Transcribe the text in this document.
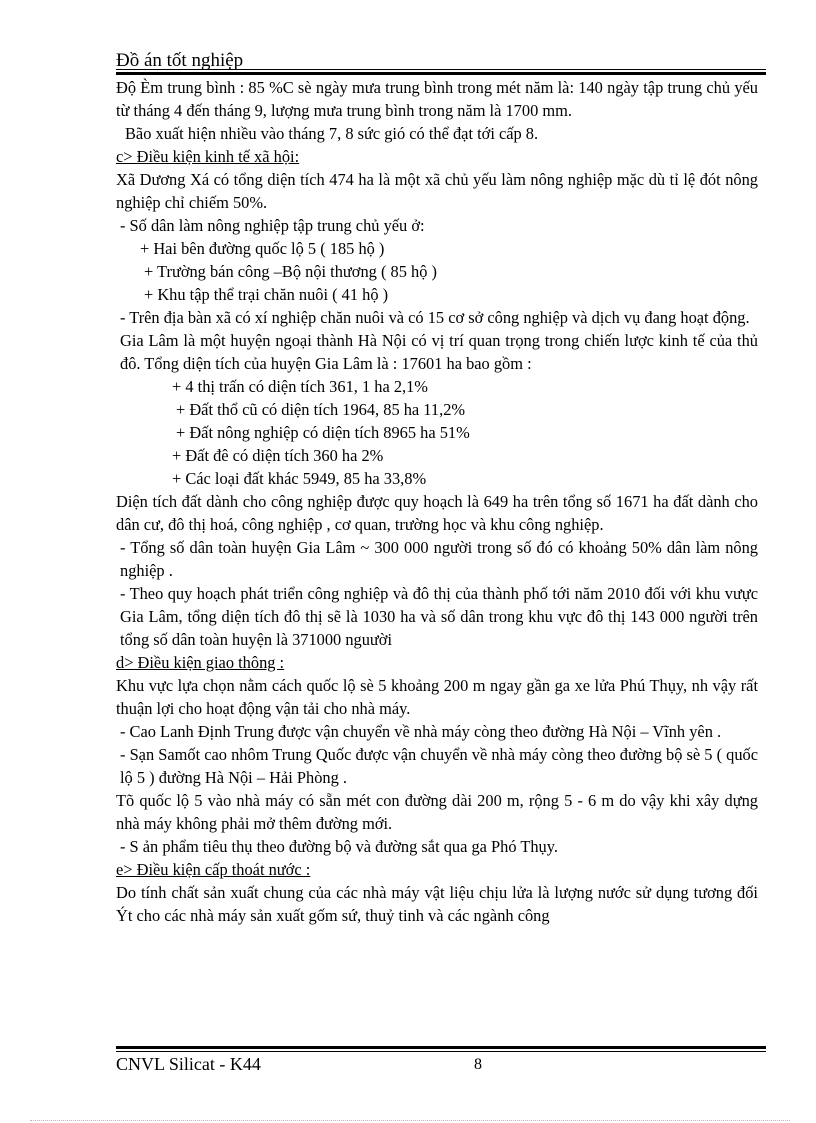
Đồ án tốt nghiệp

Độ Èm trung bình : 85 %C sè ngày mưa trung bình trong mét năm là: 140 ngày tập trung chủ yếu từ tháng 4 đến tháng 9, lượng mưa trung bình trong năm là 1700 mm.

Bão xuất hiện nhiều vào tháng 7, 8 sức gió có thể đạt tới cấp 8.

c> Điều kiện kinh tế xã hội:

Xã Dương Xá có tổng diện tích 474 ha là một xã chủ yếu làm nông nghiệp mặc dù tỉ lệ đót nông nghiệp chỉ chiếm 50%.

- Số dân làm nông nghiệp tập trung chủ yếu ở:

+ Hai bên đường quốc lộ 5 ( 185 hộ )

+ Trường bán công –Bộ nội thương ( 85 hộ )

+ Khu tập thể trại chăn nuôi ( 41 hộ )

- Trên địa bàn xã có xí nghiệp chăn nuôi và có 15 cơ sở công nghiệp và dịch vụ đang hoạt động.

Gia Lâm là một huyện ngoại thành Hà Nội có vị trí quan trọng trong chiến lược kinh tế của thủ đô. Tổng diện tích của huyện Gia Lâm là : 17601 ha bao gồm :

+ 4 thị trấn có diện tích 361, 1 ha 2,1%

+ Đất thổ cũ có diện tích 1964, 85 ha 11,2%

+ Đất nông nghiệp có diện tích 8965 ha 51%

+ Đất đê có diện tích 360 ha 2%

+ Các loại đất khác 5949, 85 ha 33,8%

Diện tích đất dành cho công nghiệp được quy hoạch là 649 ha trên tổng số 1671 ha đất dành cho dân cư, đô thị hoá, công nghiệp , cơ quan, trường học và khu công nghiệp.

- Tổng số dân toàn huyện Gia Lâm ~ 300 000 người trong số đó có khoảng 50% dân làm nông nghiệp .

- Theo quy hoạch phát triển công nghiệp và đô thị của thành phố tới năm 2010 đối với khu vưực Gia Lâm, tổng diện tích đô thị sẽ là 1030 ha và số dân trong khu vực đô thị 143 000 người trên tổng số dân toàn huyện là 371000 nguười

d> Điều kiện giao thông :

Khu vực lựa chọn nằm cách quốc lộ sè 5 khoảng 200 m ngay gần ga xe lửa Phú Thụy, nh vậy rất thuận lợi cho hoạt động vận tải cho nhà máy.

- Cao Lanh Định Trung được vận chuyển về nhà máy còng theo đường Hà Nội – Vĩnh yên .

- Sạn Samốt cao nhôm Trung Quốc được vận chuyển về nhà máy còng theo đường bộ sè 5 ( quốc lộ 5 ) đường Hà Nội – Hải Phòng .

Tõ quốc lộ 5 vào nhà máy có sẵn mét con đường dài 200 m, rộng 5 - 6 m do vậy khi xây dựng nhà máy không phải mở thêm đường mới.

- S ản phẩm tiêu thụ theo đường bộ và đường sắt qua ga Phó Thụy.

e> Điều kiện cấp thoát nước :

Do tính chất sản xuất chung của các nhà máy vật liệu chịu lửa là lượng nước sử dụng tương đối Ýt cho các nhà máy sản xuất gốm sứ, thuỷ tinh và các ngành công

CNVL Silicat - K44	8
